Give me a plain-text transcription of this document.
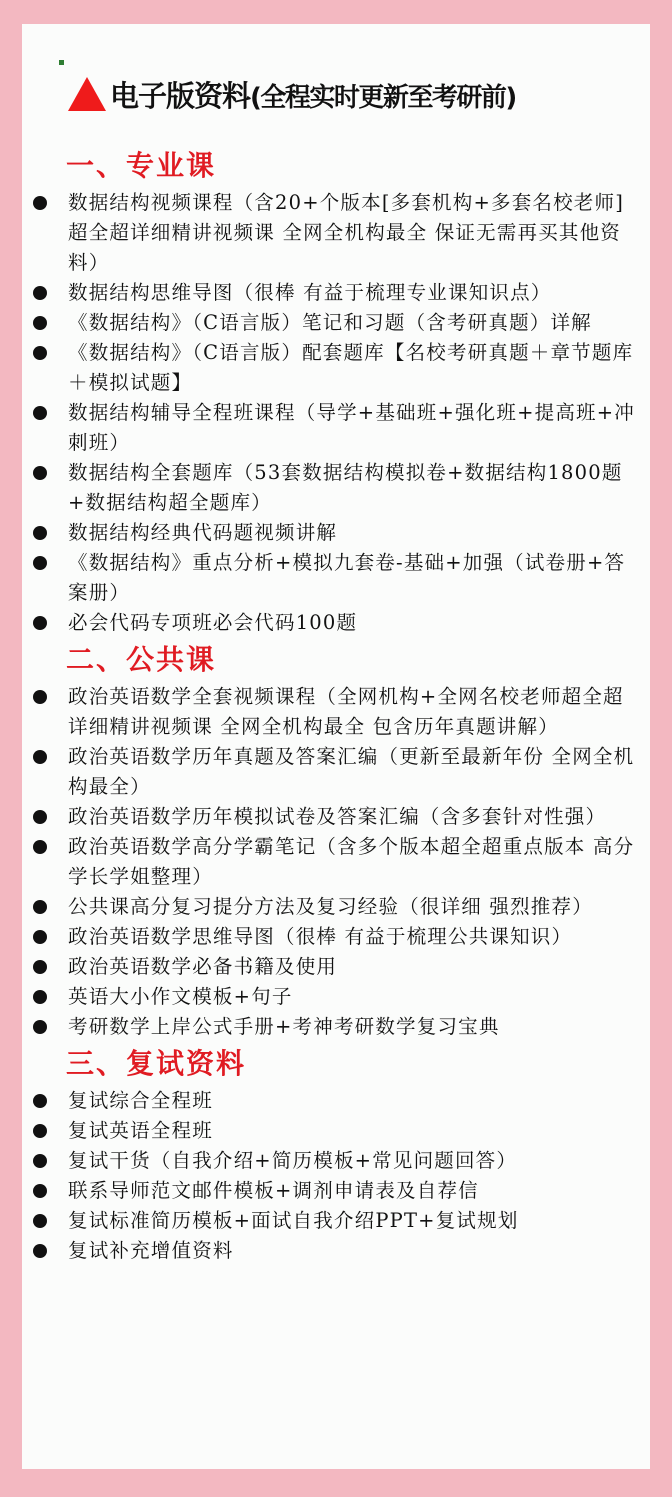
电子版资料(全程实时更新至考研前)
一、专业课
数据结构视频课程（含20+个版本[多套机构+多套名校老师]超全超详细精讲视频课 全网全机构最全 保证无需再买其他资料）
数据结构思维导图（很棒 有益于梳理专业课知识点）
《数据结构》（C语言版）笔记和习题（含考研真题）详解
《数据结构》（C语言版）配套题库【名校考研真题＋章节题库＋模拟试题】
数据结构辅导全程班课程（导学+基础班+强化班+提高班+冲刺班）
数据结构全套题库（53套数据结构模拟卷+数据结构1800题+数据结构超全题库）
数据结构经典代码题视频讲解
《数据结构》重点分析+模拟九套卷-基础+加强（试卷册+答案册）
必会代码专项班必会代码100题
二、公共课
政治英语数学全套视频课程（全网机构+全网名校老师超全超详细精讲视频课 全网全机构最全 包含历年真题讲解）
政治英语数学历年真题及答案汇编（更新至最新年份 全网全机构最全）
政治英语数学历年模拟试卷及答案汇编（含多套针对性强）
政治英语数学高分学霸笔记（含多个版本超全超重点版本 高分学长学姐整理）
公共课高分复习提分方法及复习经验（很详细 强烈推荐）
政治英语数学思维导图（很棒 有益于梳理公共课知识）
政治英语数学必备书籍及使用
英语大小作文模板+句子
考研数学上岸公式手册+考神考研数学复习宝典
三、复试资料
复试综合全程班
复试英语全程班
复试干货（自我介绍+简历模板+常见问题回答）
联系导师范文邮件模板+调剂申请表及自荐信
复试标准简历模板+面试自我介绍PPT+复试规划
复试补充增值资料
